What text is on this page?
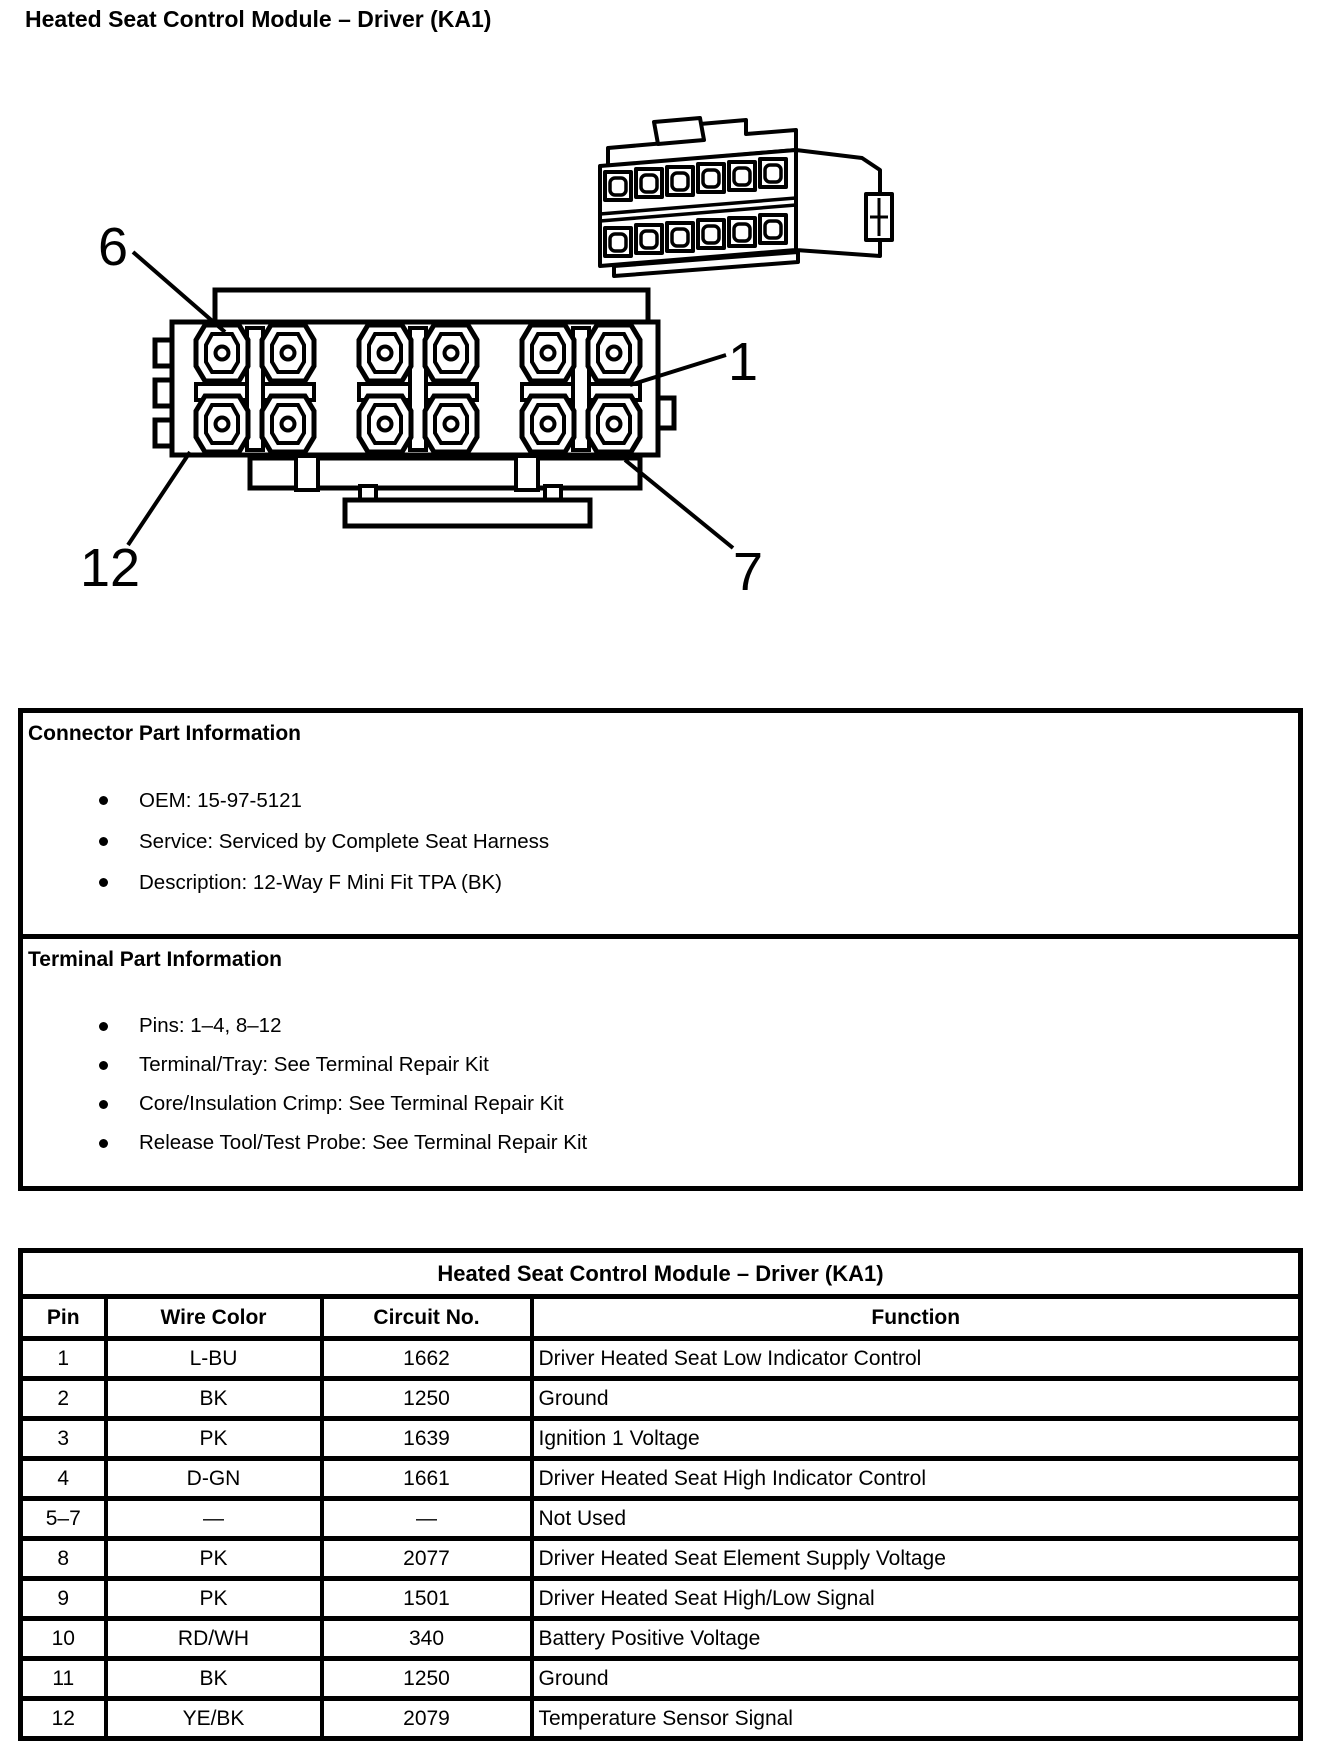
Heated Seat Control Module – Driver (KA1)
6
1
12	7
Connector Part Information
OEM: 15-97-5121
Service: Serviced by Complete Seat Harness
Description: 12-Way F Mini Fit TPA (BK)
Terminal Part Information
Pins: 1–4, 8–12
Terminal/Tray: See Terminal Repair Kit
Core/Insulation Crimp: See Terminal Repair Kit
Release Tool/Test Probe: See Terminal Repair Kit
Heated Seat Control Module – Driver (KA1)			
Pin	Wire Color	Circuit No.	Function
1	L-BU	1662	Driver Heated Seat Low Indicator Control
2	BK	1250	Ground
3	PK	1639	Ignition 1 Voltage
4	D-GN	1661	Driver Heated Seat High Indicator Control
5–7	—	—	Not Used
8	PK	2077	Driver Heated Seat Element Supply Voltage
9	PK	1501	Driver Heated Seat High/Low Signal
10	RD/WH	340	Battery Positive Voltage
11	BK	1250	Ground
12	YE/BK	2079	Temperature Sensor Signal
